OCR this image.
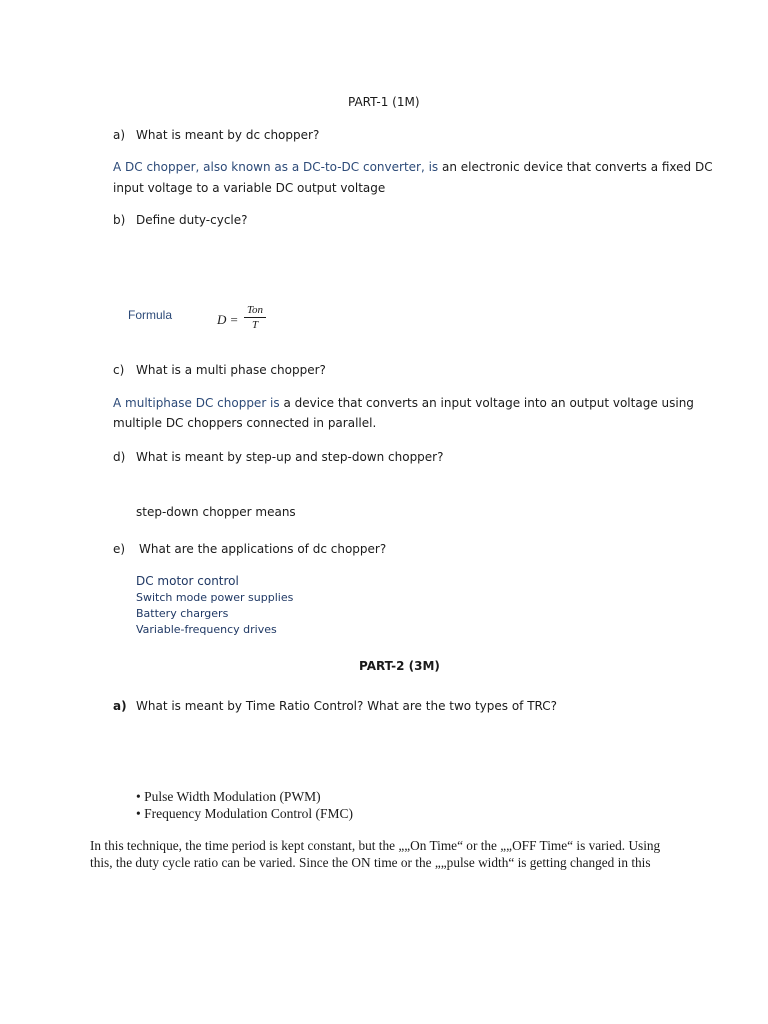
PART-1 (1M)
a) What is meant by dc chopper?
A DC chopper, also known as a DC-to-DC converter, is an electronic device that converts a fixed DC
input voltage to a variable DC output voltage
b) Define duty-cycle?
Formula	D =
Ton
T
c) What is a multi phase chopper?
A multiphase DC chopper is a device that converts an input voltage into an output voltage using
multiple DC choppers connected in parallel.
d) What is meant by step-up and step-down chopper?
step-down chopper means
e) What are the applications of dc chopper?
DC motor control
Switch mode power supplies
Battery chargers
Variable-frequency drives
PART-2 (3M)
a) What is meant by Time Ratio Control? What are the two types of TRC?
• Pulse Width Modulation (PWM)
• Frequency Modulation Control (FMC)
In this technique, the time period is kept constant, but the „„On Time“ or the „„OFF Time“ is varied. Using
this, the duty cycle ratio can be varied. Since the ON time or the „„pulse width“ is getting changed in this
